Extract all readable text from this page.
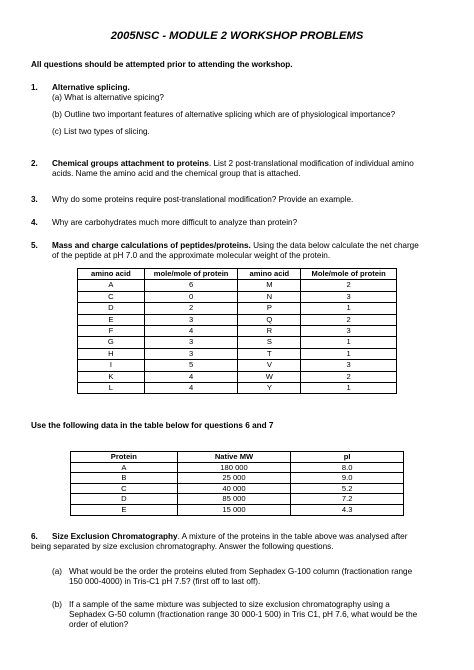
2005NSC - MODULE 2 WORKSHOP PROBLEMS
All questions should be attempted prior to attending the workshop.
1. Alternative splicing.
(a) What is alternative spicing?
(b) Outline two important features of alternative splicing which are of physiological importance?
(c) List two types of slicing.
2. Chemical groups attachment to proteins. List 2 post-translational modification of individual amino
acids. Name the amino acid and the chemical group that is attached.
3. Why do some proteins require post-translational modification? Provide an example.
4. Why are carbohydrates much more difficult to analyze than protein?
5. Mass and charge calculations of peptides/proteins. Using the data below calculate the net charge
of the peptide at pH 7.0 and the approximate molecular weight of the protein.
amino acid	mole/mole of protein	amino acid	Mole/mole of protein
A	6	M	2
C	0	N	3
D	2	P	1
E	3	Q	2
F	4	R	3
G	3	S	1
H	3	T	1
I	5	V	3
K	4	W	2
L	4	Y	1
Use the following data in the table below for questions 6 and 7
Protein	Native MW	pI
A	180 000	8.0
B	25 000	9.0
C	40 000	5.2
D	85 000	7.2
E	15 000	4.3
6. Size Exclusion Chromatography. A mixture of the proteins in the table above was analysed after
being separated by size exclusion chromatography. Answer the following questions.
(a) What would be the order the proteins eluted from Sephadex G-100 column (fractionation range
150 000-4000) in Tris-C1 pH 7.5? (first off to last off).
(b) If a sample of the same mixture was subjected to size exclusion chromatography using a
Sephadex G-50 column (fractionation range 30 000-1 500) in Tris C1, pH 7.6, what would be the
order of elution?
